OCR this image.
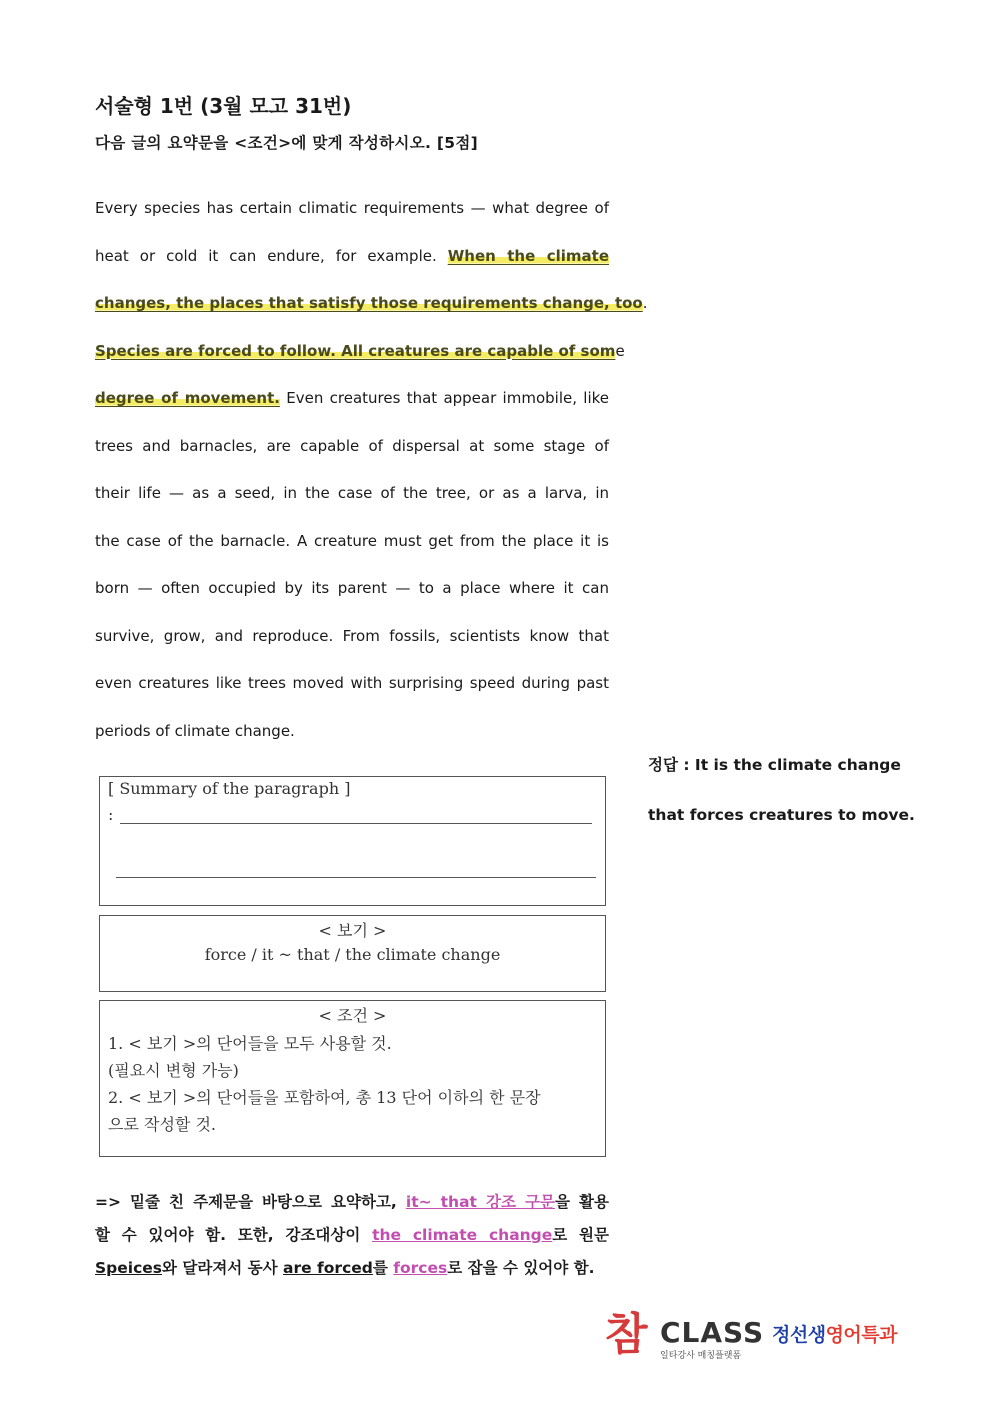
서술형 1번 (3월 모고 31번)
다음 글의 요약문을 <조건>에 맞게 작성하시오. [5점]
Every species has certain climatic requirements — what degree of
heat or cold it can endure, for example. When the climate
changes, the places that satisfy those requirements change, too.
Species are forced to follow. All creatures are capable of some
degree of movement. Even creatures that appear immobile, like
trees and barnacles, are capable of dispersal at some stage of
their life — as a seed, in the case of the tree, or as a larva, in
the case of the barnacle. A creature must get from the place it is
born — often occupied by its parent — to a place where it can
survive, grow, and reproduce. From fossils, scientists know that
even creatures like trees moved with surprising speed during past
periods of climate change.
[ Summary of the paragraph ]
:
< 보기 >
force / it ~ that / the climate change
< 조건 >
1. < 보기 >의 단어들을 모두 사용할 것.
(필요시 변형 가능)
2. < 보기 >의 단어들을 포함하여, 총 13 단어 이하의 한 문장
으로 작성할 것.
정답 : It is the climate change
that forces creatures to move.
=> 밑줄 친 주제문을 바탕으로 요약하고, it~ that 강조 구문을 활용
할 수 있어야 함. 또한, 강조대상이 the climate change로 원문
Speices와 달라져서 동사 are forced를 forces로 잡을 수 있어야 함.
참 CLASS
일타강사 매칭플랫폼
정선생영어특과
